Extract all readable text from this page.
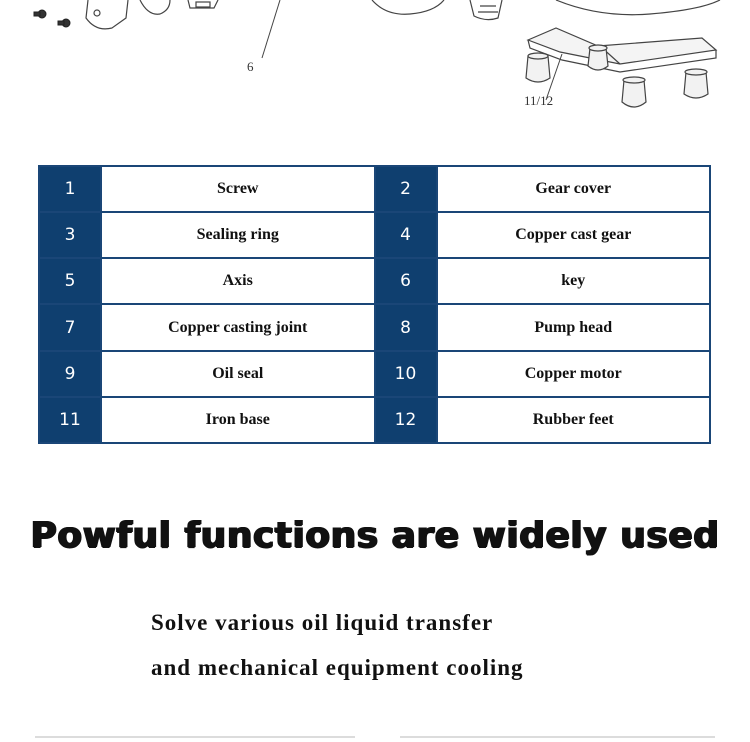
6
11/12
1	Screw	2	Gear cover
3	Sealing ring	4	Copper cast gear
5	Axis	6	key
7	Copper casting joint	8	Pump head
9	Oil seal	10	Copper motor
11	Iron base	12	Rubber feet
Powful functions are widely used
Solve various oil liquid transfer
and mechanical equipment cooling
